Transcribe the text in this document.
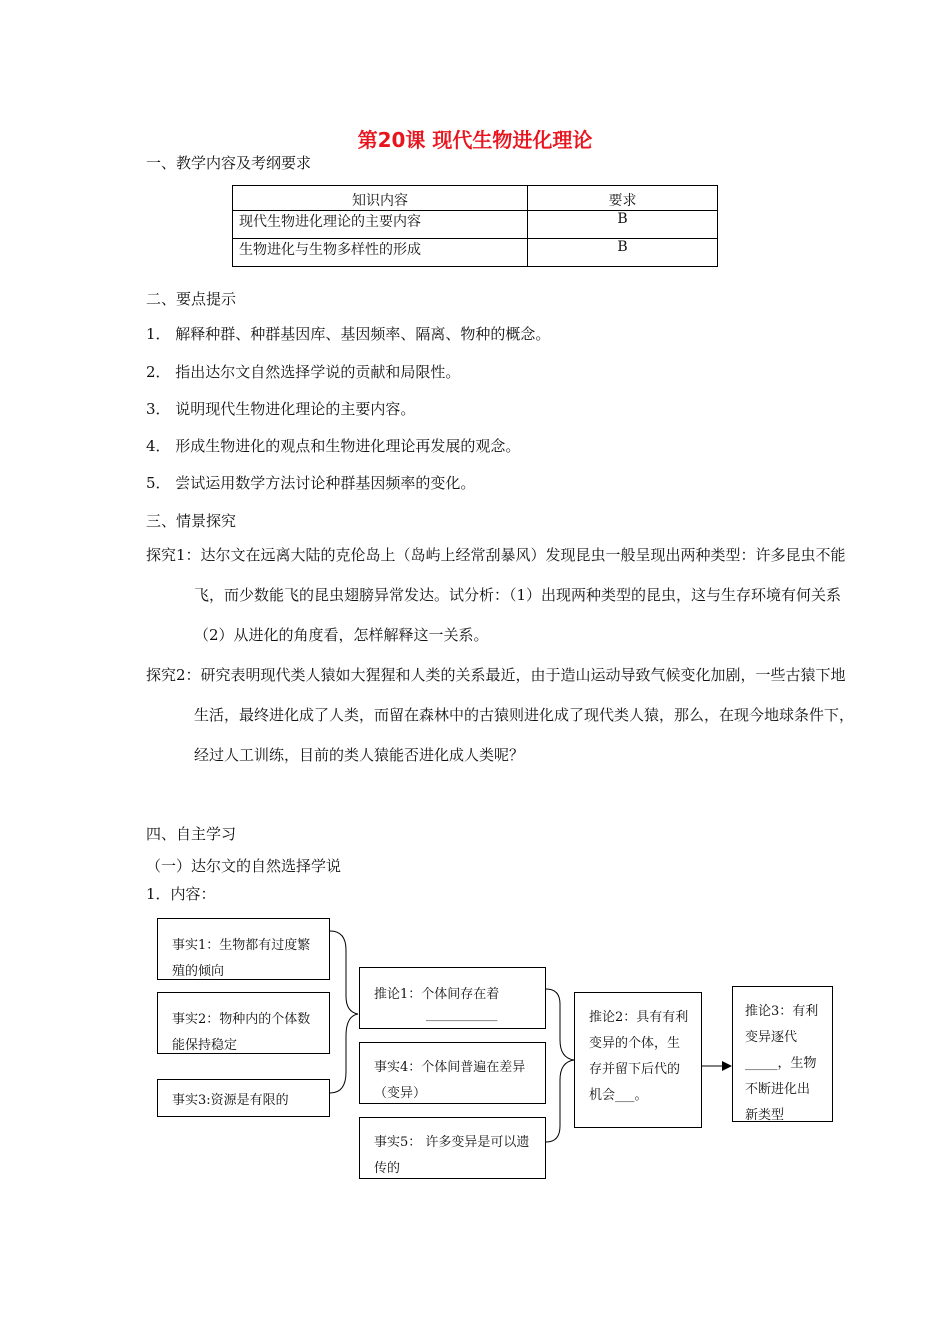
第20课 现代生物进化理论
一、教学内容及考纲要求
知识内容	要求
现代生物进化理论的主要内容	B
生物进化与生物多样性的形成	B
二、要点提示
1． 解释种群、种群基因库、基因频率、隔离、物种的概念。
2． 指出达尔文自然选择学说的贡献和局限性。
3． 说明现代生物进化理论的主要内容。
4． 形成生物进化的观点和生物进化理论再发展的观念。
5． 尝试运用数学方法讨论种群基因频率的变化。
三、情景探究
探究1：达尔文在远离大陆的克伦岛上（岛屿上经常刮暴风）发现昆虫一般呈现出两种类型：许多昆虫不能飞，而少数能飞的昆虫翅膀异常发达。试分析：（1）出现两种类型的昆虫，这与生存环境有何关系（2）从进化的角度看，怎样解释这一关系。
探究2：研究表明现代类人猿如大猩猩和人类的关系最近，由于造山运动导致气候变化加剧，一些古猿下地生活，最终进化成了人类，而留在森林中的古猿则进化成了现代类人猿，那么，在现今地球条件下，经过人工训练，目前的类人猿能否进化成人类呢？
四、自主学习
（一）达尔文的自然选择学说
1．内容：
事实1：生物都有过度繁殖的倾向
事实2：物种内的个体数能保持稳定
事实3:资源是有限的
推论1：个体间存在着
___________
事实4：个体间普遍在差异（变异）
事实5： 许多变异是可以遗传的
推论2：具有有利变异的个体，生存并留下后代的机会___。
推论3：有利变异逐代_____，生物不断进化出新类型
